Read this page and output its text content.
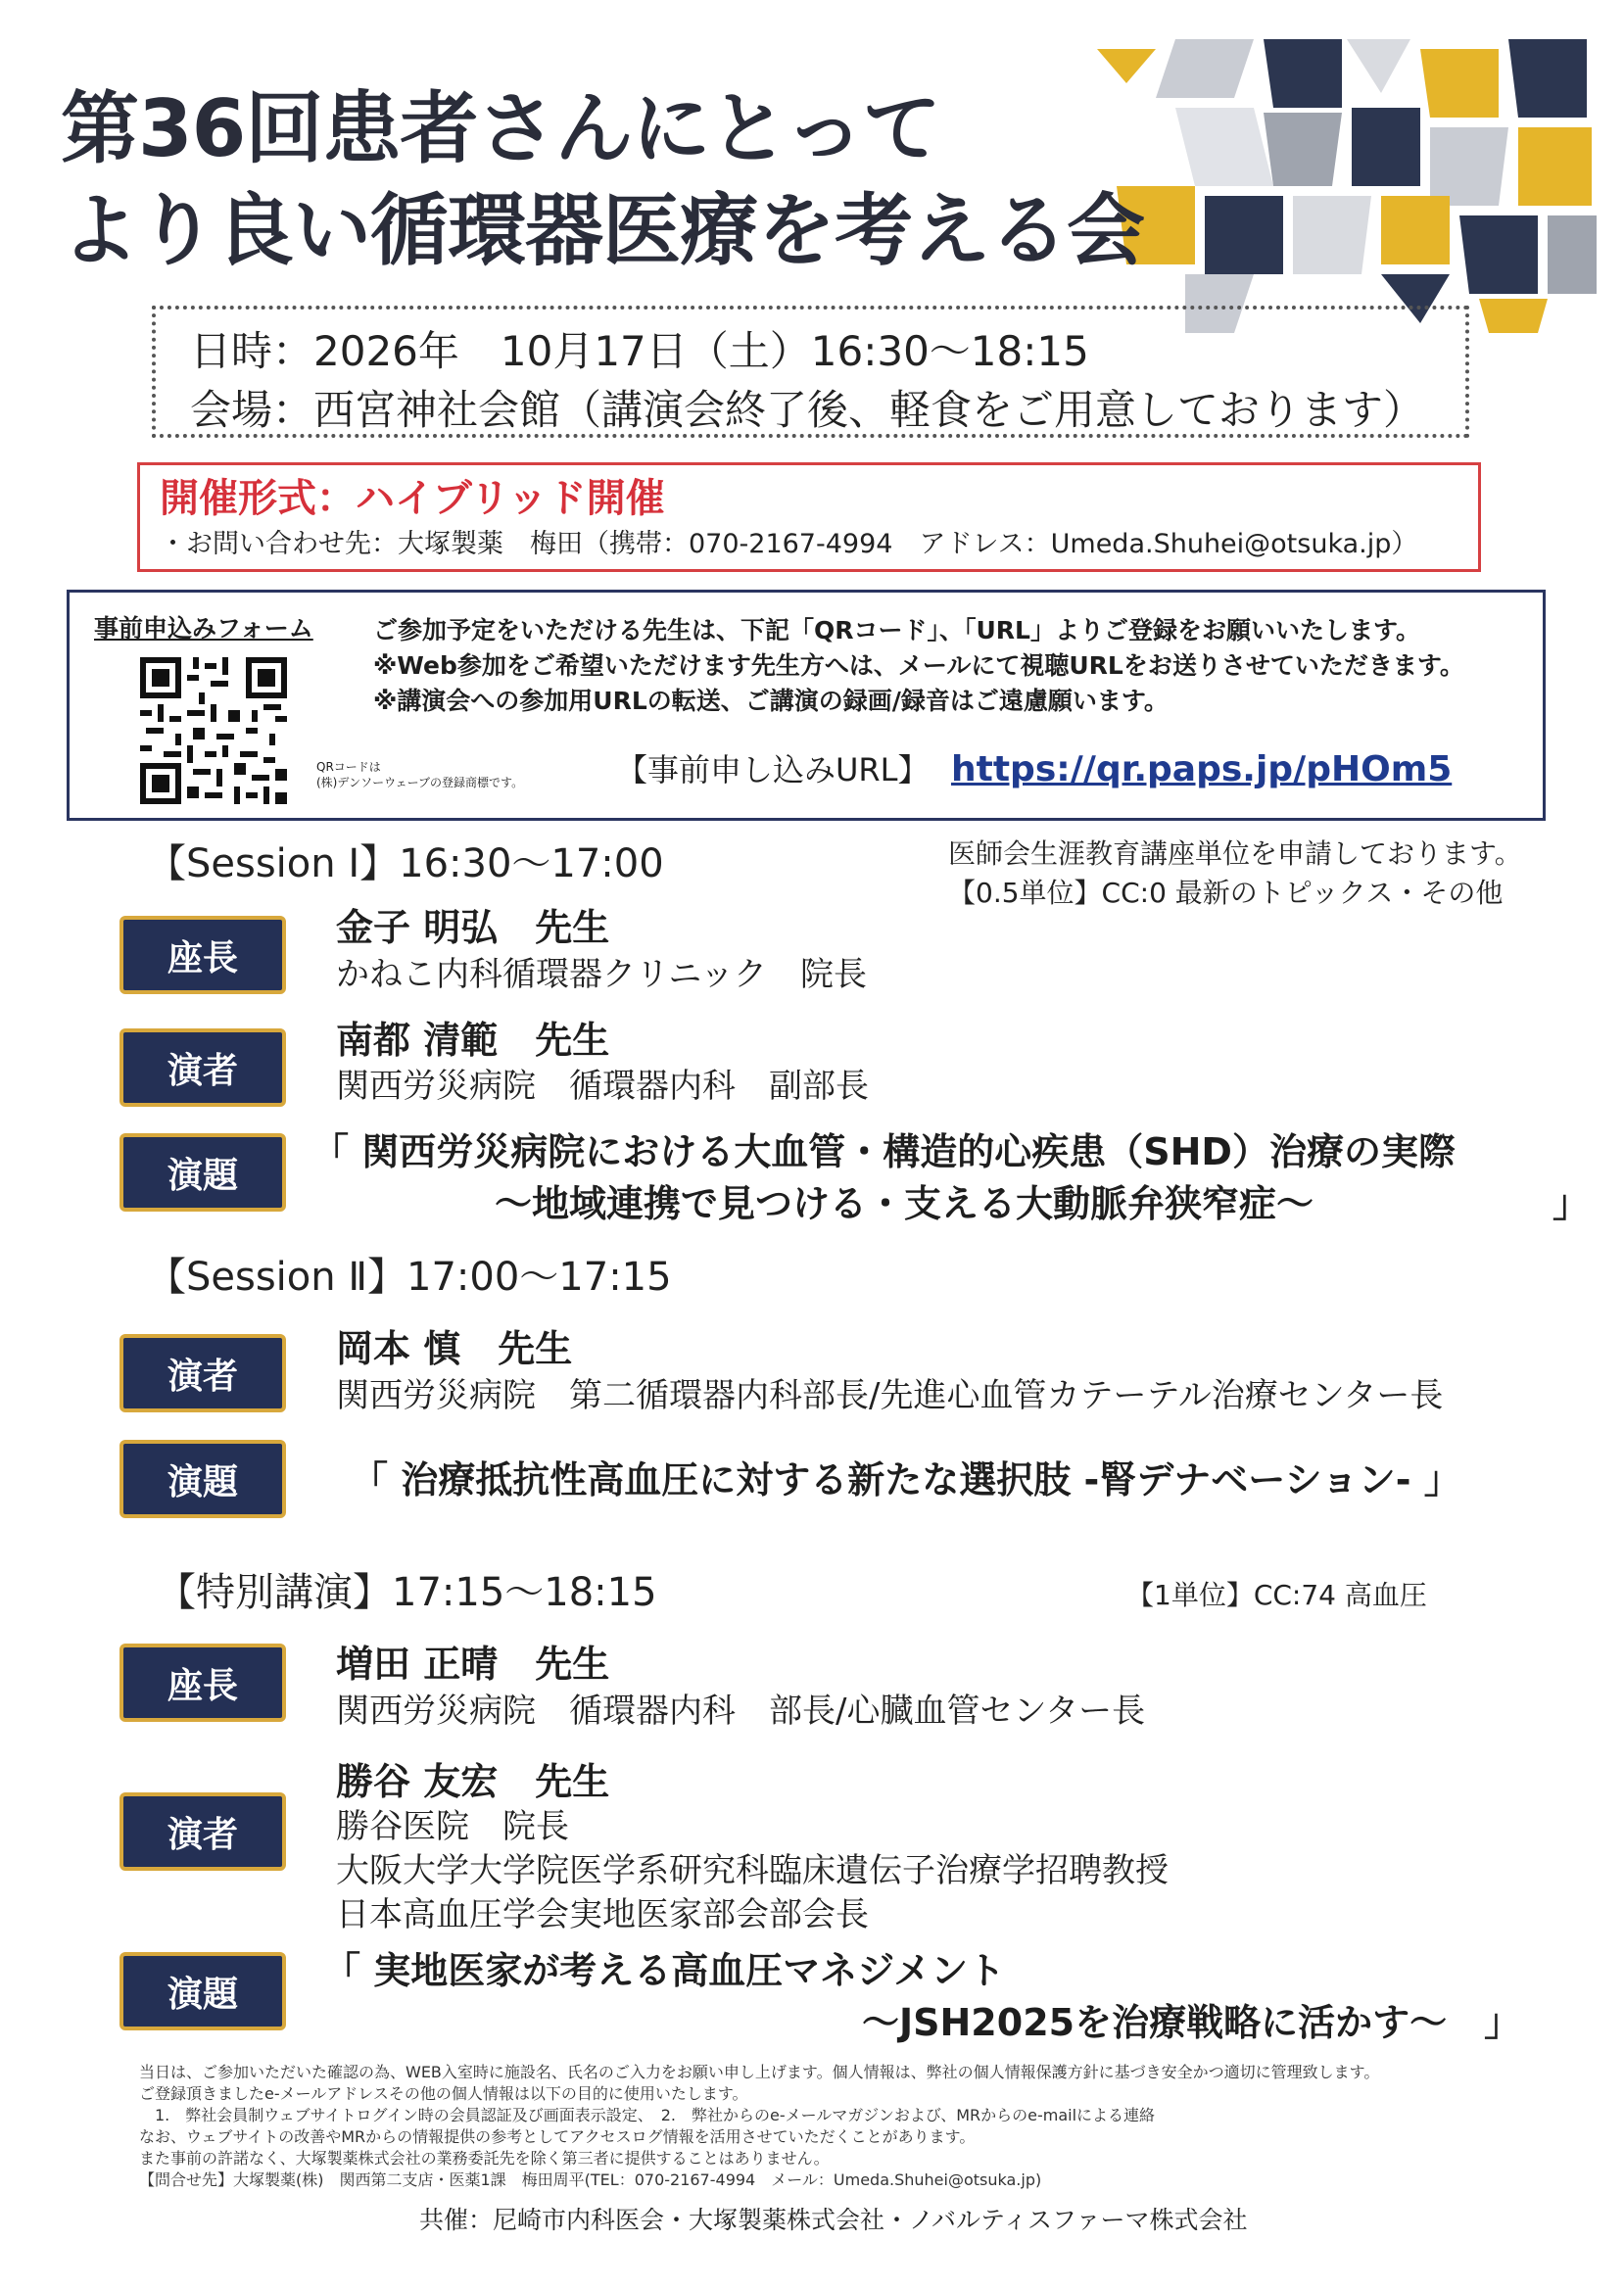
第36回患者さんにとって
より良い循環器医療を考える会
日時：2026年　10月17日（土）16:30～18:15
会場：西宮神社会館（講演会終了後、軽食をご用意しております）
開催形式：ハイブリッド開催
・お問い合わせ先：大塚製薬　梅田（携帯：070-2167-4994　アドレス：Umeda.Shuhei@otsuka.jp）
事前申込みフォーム ご参加予定をいただける先生は、下記「QRコード」、「URL」よりご登録をお願いいたします。
※Web参加をご希望いただけます先生方へは、メールにて視聴URLをお送りさせていただきます。
※講演会への参加用URLの転送、ご講演の録画/録音はご遠慮願います。
QRコードは
(株)デンソーウェーブの登録商標です。	【事前申し込みURL】 https://qr.paps.jp/pHOm5
【Session Ⅰ】16:30～17:00	医師会生涯教育講座単位を申請しております。
【0.5単位】CC:0 最新のトピックス・その他
座長
金子 明弘　先生
かねこ内科循環器クリニック　院長
演者
南都 清範　先生
関西労災病院　循環器内科　副部長
演題
「 関西労災病院における大血管・構造的心疾患（SHD）治療の実際
～地域連携で見つける・支える大動脈弁狭窄症～	」
【Session Ⅱ】17:00～17:15
演者
岡本 慎　先生
関西労災病院　第二循環器内科部長/先進心血管カテーテル治療センター長
演題	「 治療抵抗性高血圧に対する新たな選択肢 -腎デナベーション- 」
【特別講演】17:15～18:15	【1単位】CC:74 高血圧
座長	増田 正晴　先生
関西労災病院　循環器内科　部長/心臓血管センター長
演者
勝谷 友宏　先生
勝谷医院　院長
大阪大学大学院医学系研究科臨床遺伝子治療学招聘教授
日本高血圧学会実地医家部会部会長
演題
「 実地医家が考える高血圧マネジメント
～JSH2025を治療戦略に活かす～　」
当日は、ご参加いただいた確認の為、WEB入室時に施設名、氏名のご入力をお願い申し上げます。個人情報は、弊社の個人情報保護方針に基づき安全かつ適切に管理致します。
ご登録頂きましたe-メールアドレスその他の個人情報は以下の目的に使用いたします。
　1.　弊社会員制ウェブサイトログイン時の会員認証及び画面表示設定、　2.　弊社からのe-メールマガジンおよび、MRからのe-mailによる連絡
なお、ウェブサイトの改善やMRからの情報提供の参考としてアクセスログ情報を活用させていただくことがあります。
また事前の許諾なく、大塚製薬株式会社の業務委託先を除く第三者に提供することはありません。
【問合せ先】大塚製薬(株)　関西第二支店・医薬1課　梅田周平(TEL：070-2167-4994　メール：Umeda.Shuhei@otsuka.jp)
共催：尼崎市内科医会・大塚製薬株式会社・ノバルティスファーマ株式会社
